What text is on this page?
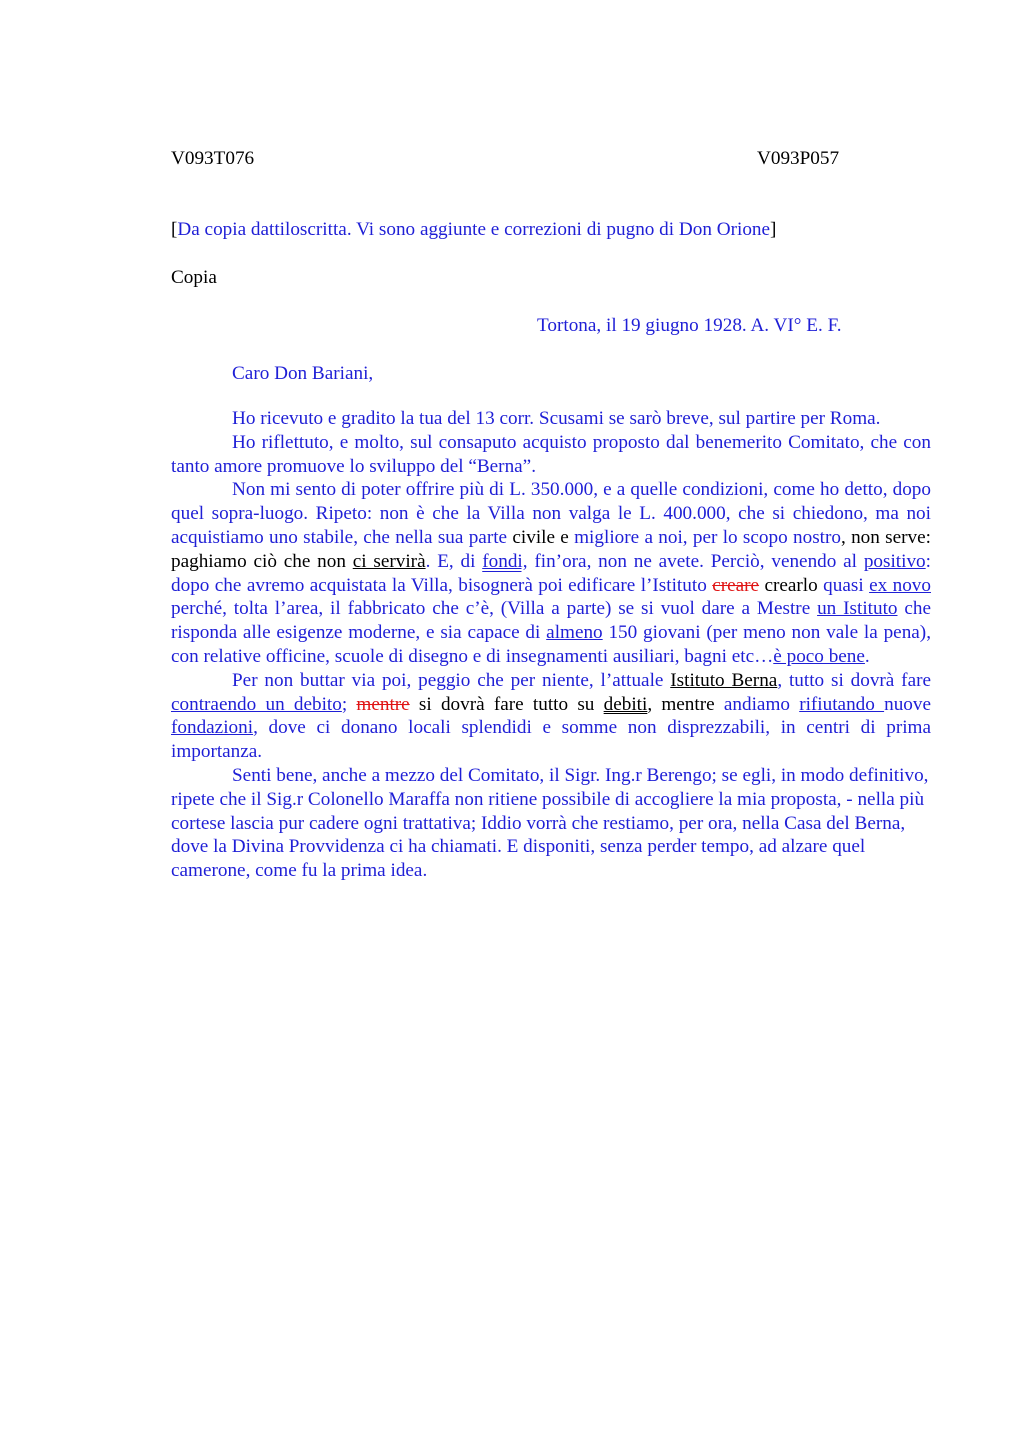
V093T076	V093P057
[Da copia dattiloscritta. Vi sono aggiunte e correzioni di pugno di Don Orione]
Copia
Tortona, il 19 giugno 1928. A. VI° E. F.
Caro Don Bariani,

Ho ricevuto e gradito la tua del 13 corr. Scusami se sarò breve, sul partire per Roma.

Ho riflettuto, e molto, sul consaputo acquisto proposto dal benemerito Comitato, che con tanto amore promuove lo sviluppo del “Berna”.

Non mi sento di poter offrire più di L. 350.000, e a quelle condizioni, come ho detto, dopo quel sopra-luogo. Ripeto: non è che la Villa non valga le L. 400.000, che si chiedono, ma noi acquistiamo uno stabile, che nella sua parte civile e migliore a noi, per lo scopo nostro, non serve: paghiamo ciò che non ci servirà. E, di fondi, fin’ora, non ne avete. Perciò, venendo al positivo: dopo che avremo acquistata la Villa, bisognerà poi edificare l’Istituto creare crearlo quasi ex novo perché, tolta l’area, il fabbricato che c’è, (Villa a parte) se si vuol dare a Mestre un Istituto che risponda alle esigenze moderne, e sia capace di almeno 150 giovani (per meno non vale la pena), con relative officine, scuole di disegno e di insegnamenti ausiliari, bagni etc…è poco bene.

Per non buttar via poi, peggio che per niente, l’attuale Istituto Berna, tutto si dovrà fare contraendo un debito; mentre si dovrà fare tutto su debiti, mentre andiamo rifiutando nuove fondazioni, dove ci donano locali splendidi e somme non disprezzabili, in centri di prima importanza.

Senti bene, anche a mezzo del Comitato, il Sigr. Ing.r Berengo; se egli, in modo definitivo, ripete che il Sig.r Colonello Maraffa non ritiene possibile di accogliere la mia proposta, - nella più cortese lascia pur cadere ogni trattativa; Iddio vorrà che restiamo, per ora, nella Casa del Berna, dove la Divina Provvidenza ci ha chiamati. E disponiti, senza perder tempo, ad alzare quel camerone, come fu la prima idea.
